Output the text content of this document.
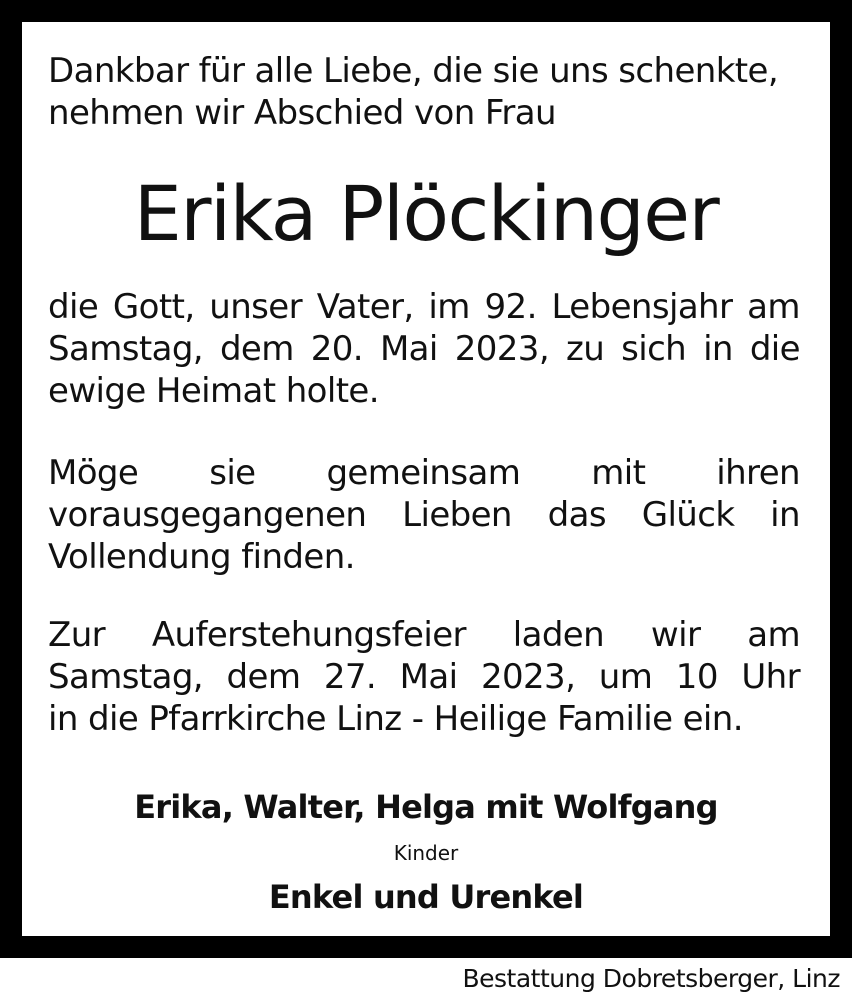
Dankbar für alle Liebe, die sie uns schenkte,
nehmen wir Abschied von Frau
Erika Plöckinger
die Gott, unser Vater, im 92. Lebensjahr am
Samstag, dem 20. Mai 2023, zu sich in die
ewige Heimat holte.
Möge sie gemeinsam mit ihren
vorausgegangenen Lieben das Glück in
Vollendung finden.
Zur Auferstehungsfeier laden wir am
Samstag, dem 27. Mai 2023, um 10 Uhr
in die Pfarrkirche Linz - Heilige Familie ein.
Erika, Walter, Helga mit Wolfgang
Kinder
Enkel und Urenkel
Bestattung Dobretsberger, Linz
